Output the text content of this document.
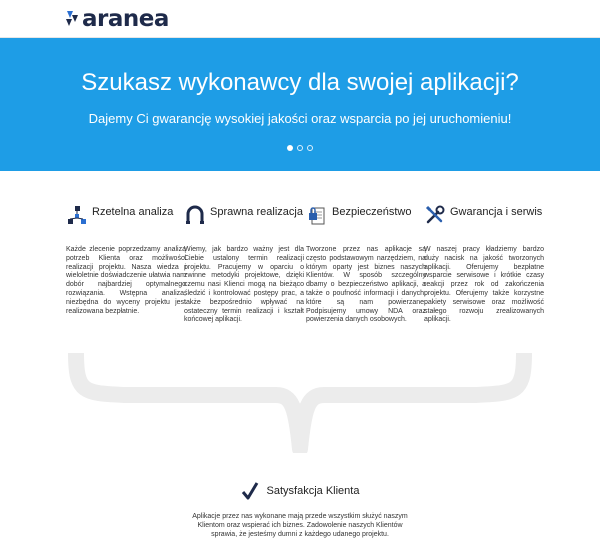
aranea
Szukasz wykonawcy dla swojej aplikacji?

Dajemy Ci gwarancję wysokiej jakości oraz wsparcia po jej uruchomieniu!

Rzetelna analiza

Każde zlecenie poprzedzamy analizą potrzeb Klienta oraz możliwości realizacji projektu. Nasza wiedza i wieloletnie doświadczenie ułatwia nam dobór najbardziej optymalnego rozwiązania. Wstępna analiza, niezbędna do wyceny projektu jest realizowana bezpłatnie.

Sprawna realizacja

Wiemy, jak bardzo ważny jest dla Ciebie ustalony termin realizacji projektu. Pracujemy w oparciu o zwinne metodyki projektowe, dzięki czemu nasi Klienci mogą na bieżąco śledzić i kontrolować postępy prac, a także bezpośrednio wpływać na ostateczny termin realizacji i kształt końcowej aplikacji.

Bezpieczeństwo

Tworzone przez nas aplikacje są często podstawowym narzędziem, na którym oparty jest biznes naszych Klientów. W sposób szczególny dbamy o bezpieczeństwo aplikacji, a także o poufność informacji i danych, które są nam powierzane. Podpisujemy umowy NDA oraz powierzenia danych osobowych.

Gwarancja i serwis

W naszej pracy kładziemy bardzo duży nacisk na jakość tworzonych aplikacji. Oferujemy bezpłatne wsparcie serwisowe i krótkie czasy reakcji przez rok od zakończenia projektu. Oferujemy także korzystne pakiety serwisowe oraz możliwość stałego rozwoju zrealizowanych aplikacji.

Satysfakcja Klienta

Aplikacje przez nas wykonane mają przede wszystkim służyć naszym Klientom oraz wspierać ich biznes. Zadowolenie naszych Klientów sprawia, że jesteśmy dumni z każdego udanego projektu.
